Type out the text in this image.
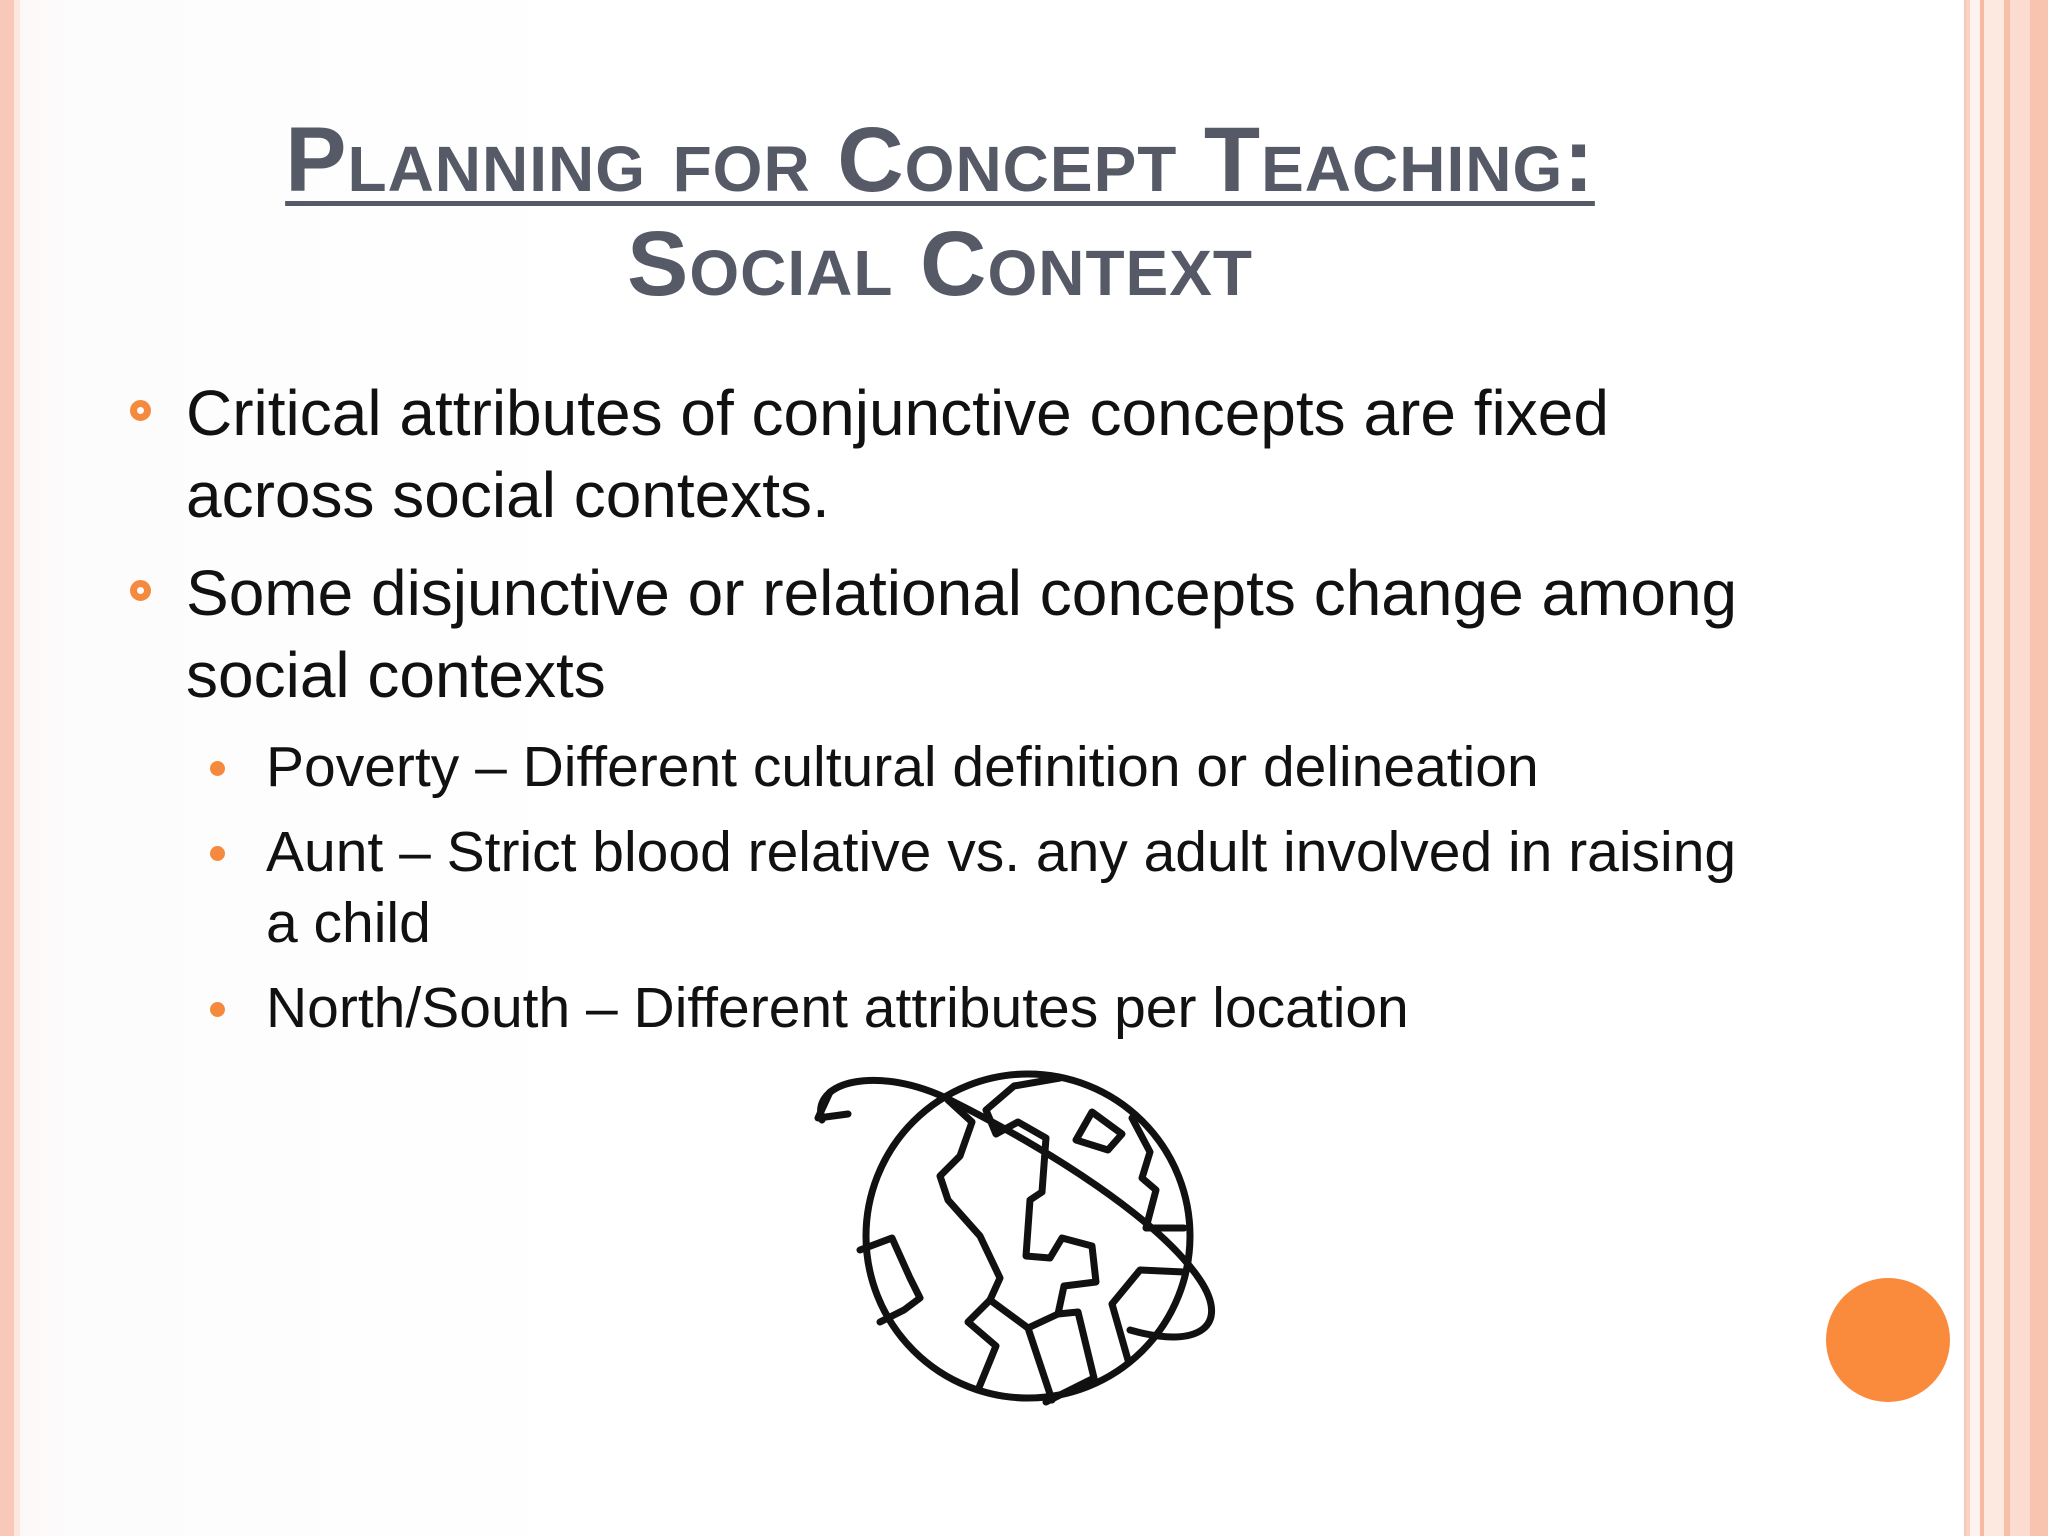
Planning for Concept Teaching:
Social Context
Critical attributes of conjunctive concepts are fixed across social contexts.
Some disjunctive or relational concepts change among social contexts
Poverty – Different cultural definition or delineation
Aunt – Strict blood relative vs. any adult involved in raising a child
North/South – Different attributes per location
